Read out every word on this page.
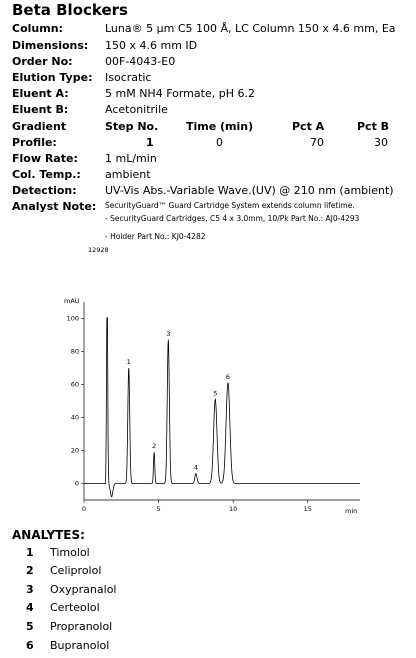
Beta Blockers
Column:	Luna® 5 µm C5 100 Å, LC Column 150 x 4.6 mm, Ea
Dimensions: 150 x 4.6 mm ID
Order No:	00F-4043-E0
Elution Type: Isocratic
Eluent A:	5 mM NH4 Formate, pH 6.2
Eluent B:	Acetonitrile
Gradient	Step No.	Time (min)	Pct A	Pct B
Profile:	1	0	70	30
Flow Rate: 1 mL/min
Col. Temp.: ambient
Detection:	UV-Vis Abs.-Variable Wave.(UV) @ 210 nm (ambient)
Analyst Note: SecurityGuard™ Guard Cartridge System extends column lifetime.
- SecurityGuard Cartridges, C5 4 x 3.0mm, 10/Pk Part No.: AJ0-4293
- Holder Part No.: KJ0-4282
12928
mAU
min
0
20
40
60
80
100
0	5	10	15
1
2
3
4
5
6
ANALYTES:
1 Timolol
2 Celiprolol
3 Oxypranalol
4 Certeolol
5 Propranolol
6 Bupranolol
